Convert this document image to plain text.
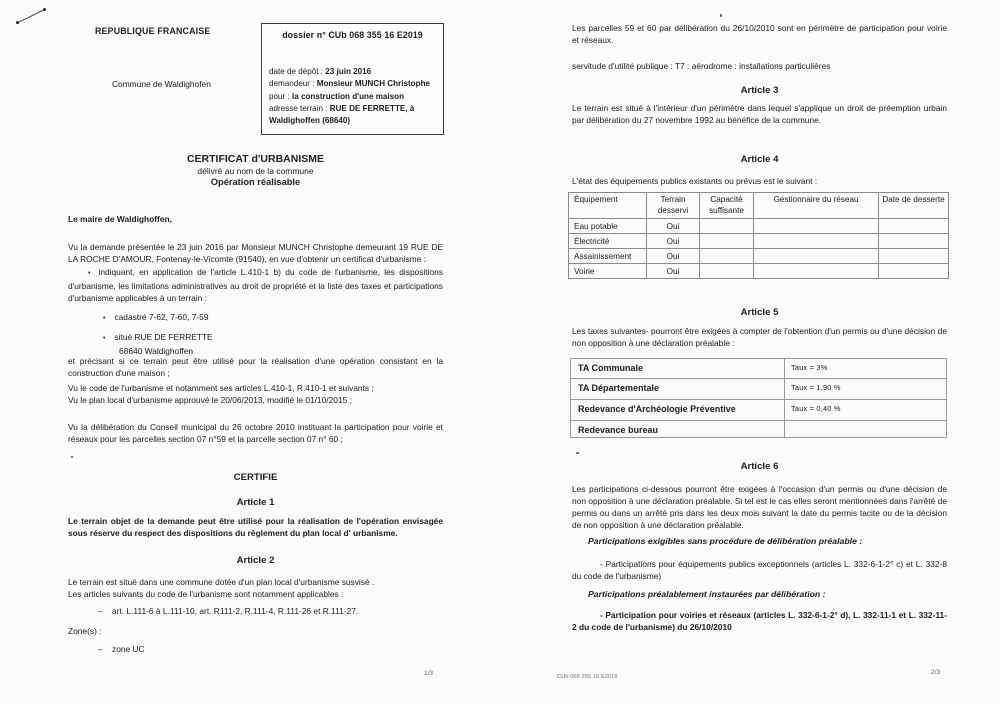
REPUBLIQUE FRANCAISE
Commune de Waldighofen
dossier n° CUb 068 355 16 E2019
date de dépôt : 23 juin 2016
demandeur : Monsieur MUNCH Christophe
pour : la construction d'une maison
adresse terrain : RUE DE FERRETTE, à Waldighoffen (68640)
CERTIFICAT d'URBANISME
délivré au nom de la commune
Opération réalisable
Le maire de Waldighoffen,
Vu la demande présentée le 23 juin 2016 par Monsieur MUNCH Christophe demeurant 19 RUE DE LA ROCHE D'AMOUR, Fontenay-le-Vicomte (91540), en vue d'obtenir un certificat d'urbanisme :
• indiquant, en application de l'article L.410-1 b) du code de l'urbanisme, les dispositions d'urbanisme, les limitations administratives au droit de propriété et la liste des taxes et participations d'urbanisme applicables à un terrain :
• cadastré 7-62, 7-60, 7-59
• situé RUE DE FERRETTE
68640 Waldighoffen
et précisant si ce terrain peut être utilisé pour la réalisation d'une opération consistant en la construction d'une maison ;
Vu le code de l'urbanisme et notamment ses articles L.410-1, R.410-1 et suivants ;
Vu le plan local d'urbanisme approuvé le 20/06/2013, modifié le 01/10/2015 ;
Vu la délibération du Conseil municipal du 26 octobre 2010 instituant la participation pour voirie et réseaux pour les parcelles section 07 n°59 et la parcelle section 07 n° 60 ;
CERTIFIE
Article 1
Le terrain objet de la demande peut être utilisé pour la réalisation de l'opération envisagée sous réserve du respect des dispositions du règlement du plan local d' urbanisme.
Article 2
Le terrain est situé dans une commune dotée d'un plan local d'urbanisme susvisé .
Les articles suivants du code de l'urbanisme sont notamment applicables :
– art. L.111-6 à L.111-10, art. R111-2, R.111-4, R.111-26 et R.111-27.
Zone(s) :
– zone UC
1/3
Les parcelles 59 et 60 par délibération du 26/10/2010 sont en périmètre de participation pour voirie et réseaux.
servitude d'utilité publique : T7 : aérodrome : installations particulières
Article 3
Le terrain est situé à l'intérieur d'un périmètre dans lequel s'applique un droit de préemption urbain par délibération du 27 novembre 1992 au bénéfice de la commune.
Article 4
L'état des équipements publics existants ou prévus est le suivant :
Équipement	Terrain desservi	Capacité suffisante	Gestionnaire du réseau	Date de desserte
Eau potable	Oui			
Électricité	Oui			
Assainissement	Oui			
Voirie	Oui			
Article 5
Les taxes suivantes- pourront être exigées à compter de l'obtention d'un permis ou d'une décision de non opposition à une déclaration préalable :
TA Communale	Taux = 3%
TA Départementale	Taux = 1,90 %
Redevance d'Archéologie Préventive	Taux = 0,40 %
Redevance bureau	
Article 6
Les participations ci-dessous pourront être exigées à l'occasion d'un permis ou d'une décision de non opposition à une déclaration préalable. Si tel est le cas elles seront mentionnées dans l'arrêté de permis ou dans un arrêté pris dans les deux mois suivant la date du permis tacite ou de la décision de non opposition à une déclaration préalable.
Participations exigibles sans procédure de délibération préalable :
- Participations pour équipements publics exceptionnels (articles L. 332-6-1-2° c) et L. 332-8 du code de l'urbanisme)
Participations préalablement instaurées par délibération :
- Participation pour voiries et réseaux (articles L. 332-6-1-2° d), L. 332-11-1 et L. 332-11-2 du code de l'urbanisme) du 26/10/2010
CUb 068 255 16 E2019
2/3
